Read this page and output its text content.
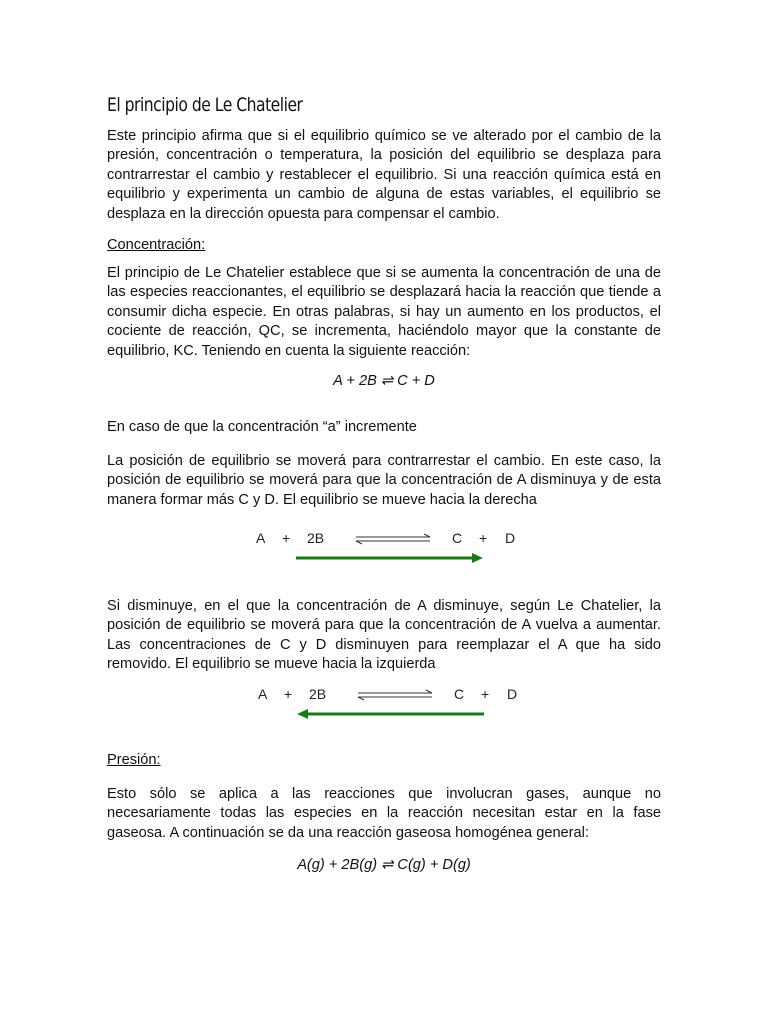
El principio de Le Chatelier

Este principio afirma que si el equilibrio químico se ve alterado por el cambio de la presión, concentración o temperatura, la posición del equilibrio se desplaza para contrarrestar el cambio y restablecer el equilibrio. Si una reacción química está en equilibrio y experimenta un cambio de alguna de estas variables, el equilibrio se desplaza en la dirección opuesta para compensar el cambio.

Concentración:

El principio de Le Chatelier establece que si se aumenta la concentración de una de las especies reaccionantes, el equilibrio se desplazará hacia la reacción que tiende a consumir dicha especie. En otras palabras, si hay un aumento en los productos, el cociente de reacción, QC, se incrementa, haciéndolo mayor que la constante de equilibrio, KC. Teniendo en cuenta la siguiente reacción:

A + 2B ⇌ C + D

En caso de que la concentración “a” incremente

La posición de equilibrio se moverá para contrarrestar el cambio. En este caso, la posición de equilibrio se moverá para que la concentración de A disminuya y de esta manera formar más C y D. El equilibrio se mueve hacia la derecha

A + 2B	C + D

Si disminuye, en el que la concentración de A disminuye, según Le Chatelier, la posición de equilibrio se moverá para que la concentración de A vuelva a aumentar. Las concentraciones de C y D disminuyen para reemplazar el A que ha sido removido. El equilibrio se mueve hacia la izquierda

A + 2B	C + D

Presión:

Esto sólo se aplica a las reacciones que involucran gases, aunque no necesariamente todas las especies en la reacción necesitan estar en la fase gaseosa. A continuación se da una reacción gaseosa homogénea general:

A(g) + 2B(g) ⇌ C(g) + D(g)
